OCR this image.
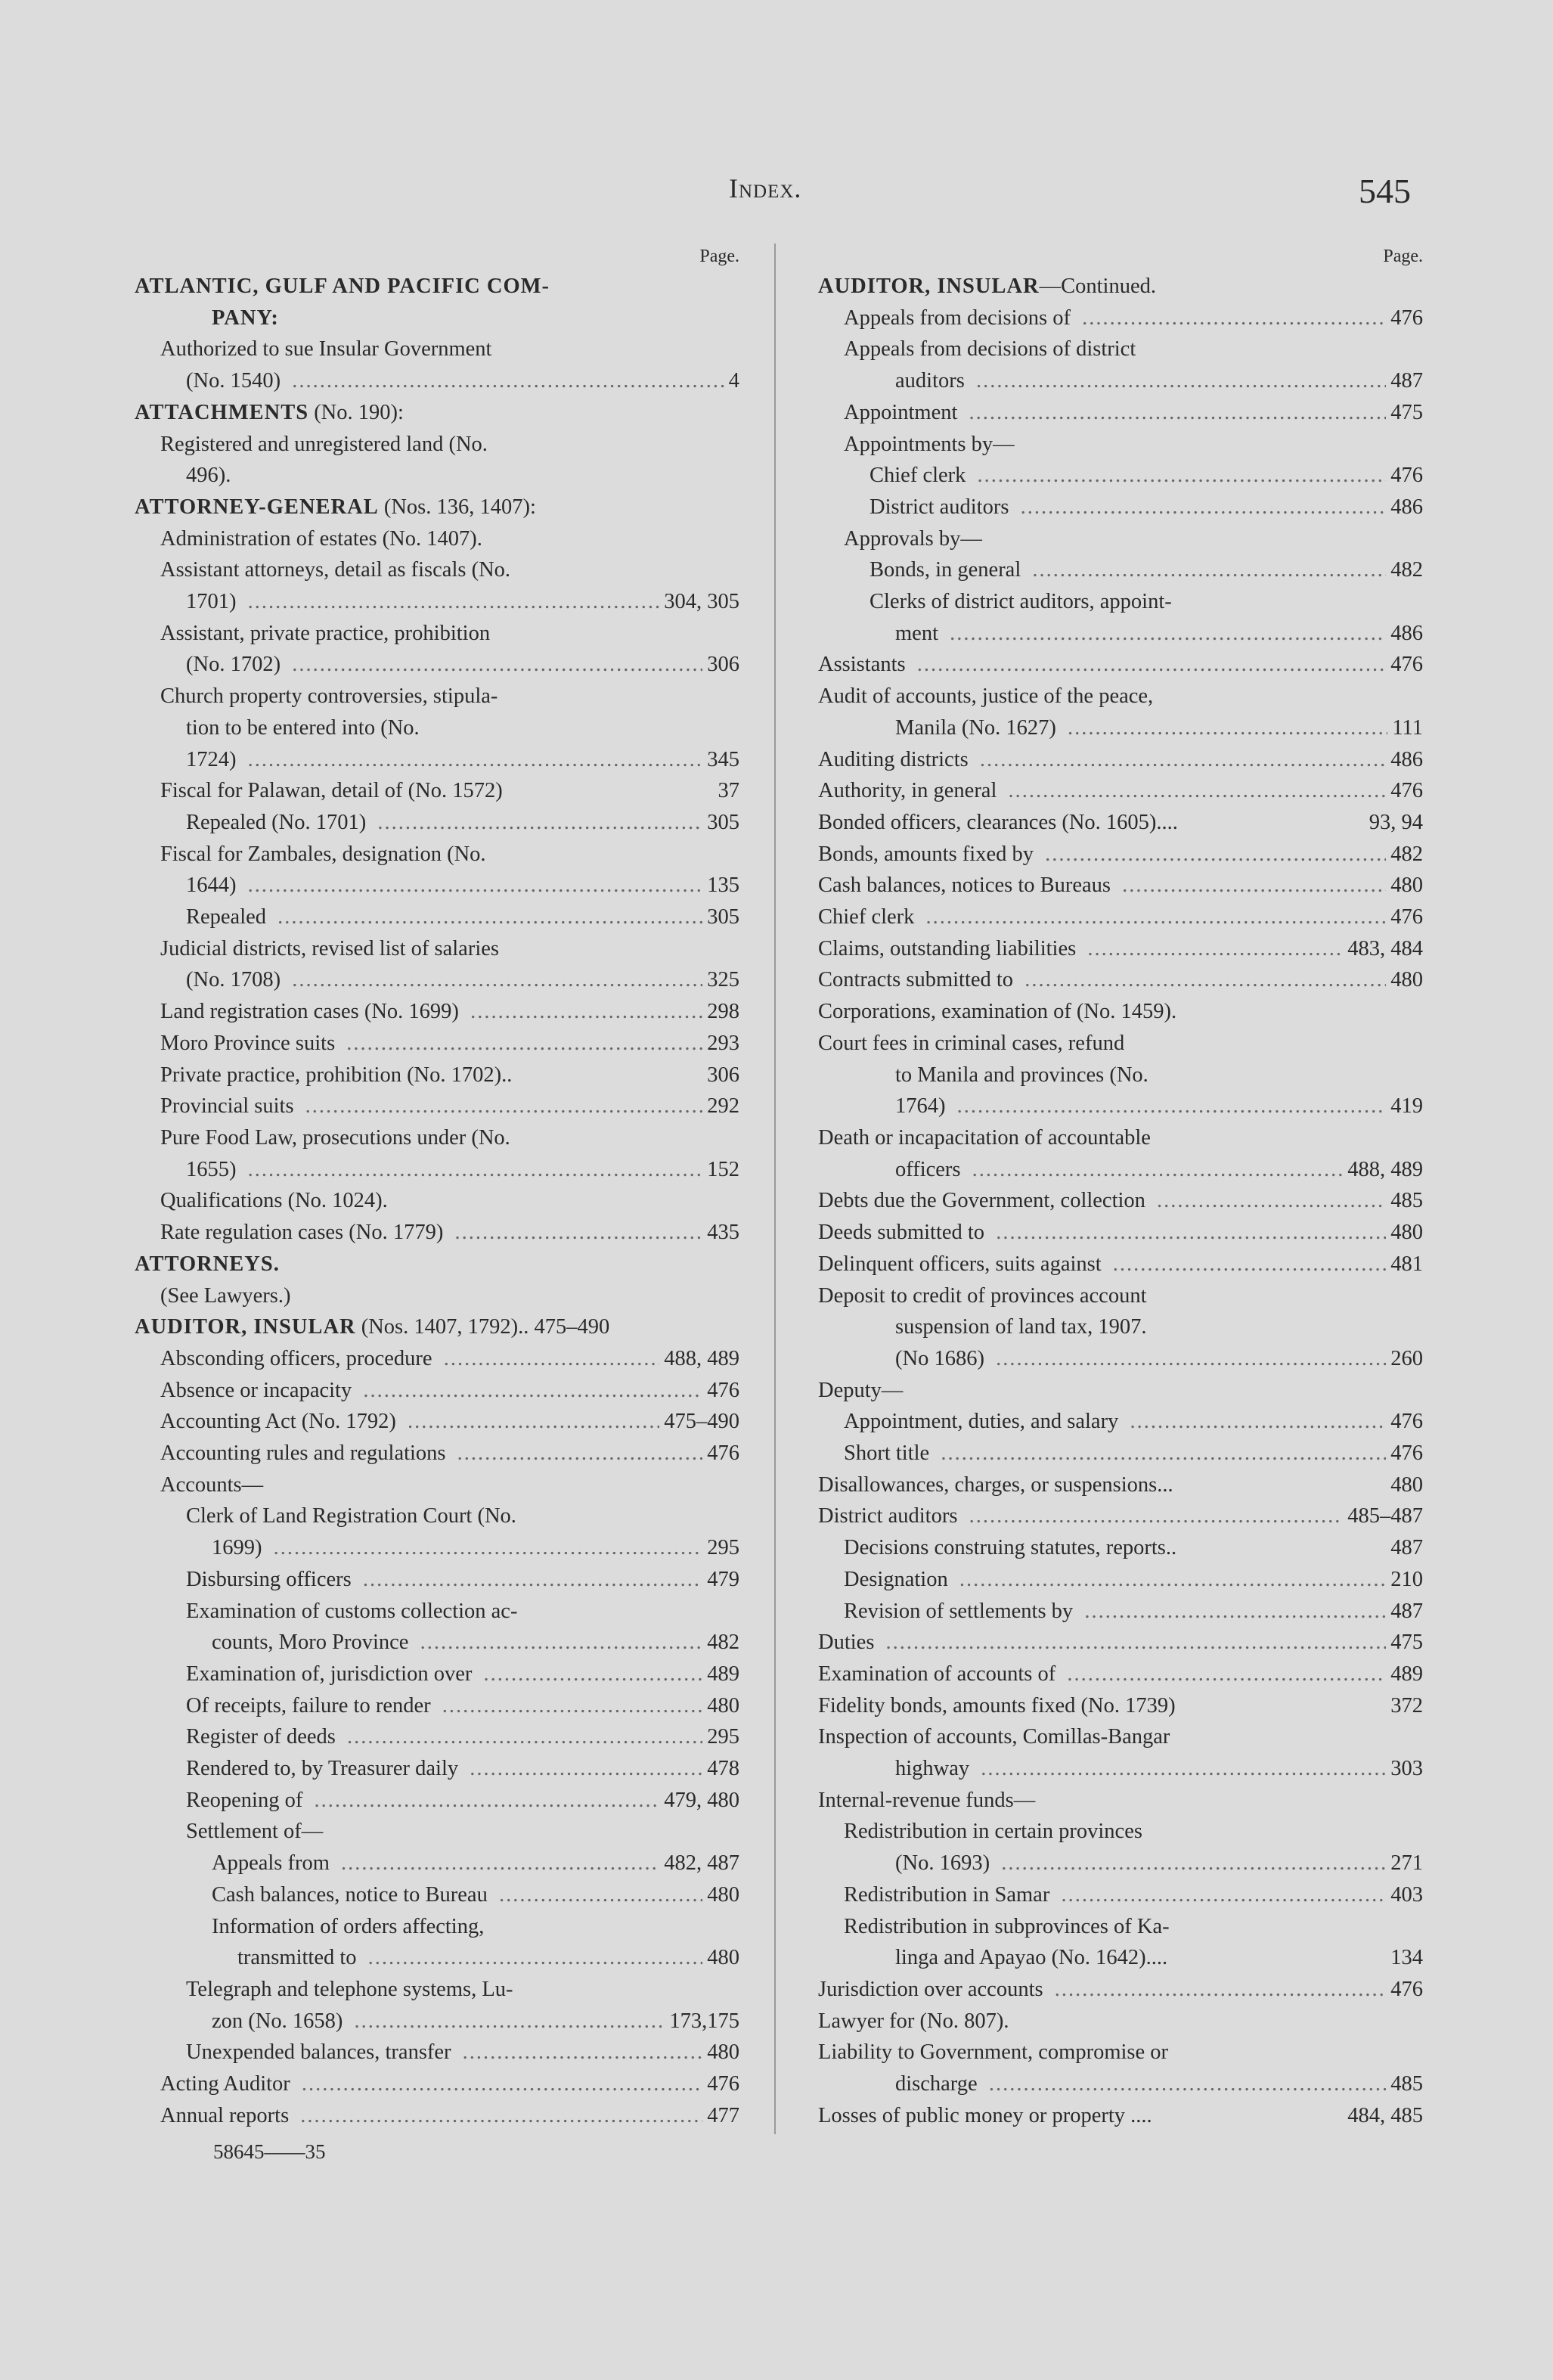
Index.	545
Page.
ATLANTIC, GULF AND PACIFIC COM-
PANY:
Authorized to sue Insular Government
(No. 1540)	4
.....
ATTACHMENTS (No. 190):
Registered and unregistered land (No.
496).
ATTORNEY-GENERAL (Nos. 136, 1407):
Administration of estates (No. 1407).
Assistant attorneys, detail as fiscals (No.
1701)	304, 305
.....
Assistant, private practice, prohibition
(No. 1702)	306
.....
Church property controversies, stipula-
tion to be entered into (No.
1724)	345
.....
Fiscal for Palawan, detail of (No. 1572)	37
Repealed (No. 1701)	305
.....
Fiscal for Zambales, designation (No.
1644)	135
.....
Repealed	305
.....
Judicial districts, revised list of salaries
(No. 1708)	325
.....
Land registration cases (No. 1699)	298
.....
Moro Province suits	293
.....
Private practice, prohibition (No. 1702)..	306
Provincial suits	292
.....
Pure Food Law, prosecutions under (No.
1655)	152
.....
Qualifications (No. 1024).
Rate regulation cases (No. 1779)	435
.....
ATTORNEYS.
(See Lawyers.)
AUDITOR, INSULAR (Nos. 1407, 1792).. 475–490
Absconding officers, procedure	488, 489
.....
Absence or incapacity	476
.....
Accounting Act (No. 1792)	475–490
.....
Accounting rules and regulations	476
.....
Accounts—
Clerk of Land Registration Court (No.
1699)	295
.....
Disbursing officers	479
.....
Examination of customs collection ac-
counts, Moro Province	482
.....
Examination of, jurisdiction over	489
.....
Of receipts, failure to render	480
.....
Register of deeds	295
.....
Rendered to, by Treasurer daily	478
.....
Reopening of	479, 480
.....
Settlement of—
Appeals from	482, 487
.....
Cash balances, notice to Bureau	480
.....
Information of orders affecting,
transmitted to	480
.....
Telegraph and telephone systems, Lu-
zon (No. 1658)	173,175
.....
Unexpended balances, transfer	480
.....
Acting Auditor	476
.....
Annual reports	477
.....
Page.
AUDITOR, INSULAR—Continued.
Appeals from decisions of	476
.....
Appeals from decisions of district
auditors	487
.....
Appointment	475
.....
Appointments by—
Chief clerk	476
.....
District auditors	486
.....
Approvals by—
Bonds, in general	482
.....
Clerks of district auditors, appoint-
ment	486
.....
Assistants	476
.....
Audit of accounts, justice of the peace,
Manila (No. 1627)	111
.....
Auditing districts	486
.....
Authority, in general	476
.....
Bonded officers, clearances (No. 1605)....	93, 94
Bonds, amounts fixed by	482
.....
Cash balances, notices to Bureaus	480
.....
Chief clerk	476
.....
Claims, outstanding liabilities	483, 484
.....
Contracts submitted to	480
.....
Corporations, examination of (No. 1459).
Court fees in criminal cases, refund
to Manila and provinces (No.
1764)	419
.....
Death or incapacitation of accountable
officers	488, 489
.....
Debts due the Government, collection	485
.....
Deeds submitted to	480
.....
Delinquent officers, suits against	481
.....
Deposit to credit of provinces account
suspension of land tax, 1907.
(No 1686)	260
.....
Deputy—
Appointment, duties, and salary	476
.....
Short title	476
.....
Disallowances, charges, or suspensions...	480
District auditors	485–487
.....
Decisions construing statutes, reports..	487
Designation	210
.....
Revision of settlements by	487
.....
Duties	475
.....
Examination of accounts of	489
.....
Fidelity bonds, amounts fixed (No. 1739)	372
Inspection of accounts, Comillas-Bangar
highway	303
.....
Internal-revenue funds—
Redistribution in certain provinces
(No. 1693)	271
.....
Redistribution in Samar	403
.....
Redistribution in subprovinces of Ka-
linga and Apayao (No. 1642)....	134
Jurisdiction over accounts	476
.....
Lawyer for (No. 807).
Liability to Government, compromise or
discharge	485
.....
Losses of public money or property ....	484, 485
58645——35
